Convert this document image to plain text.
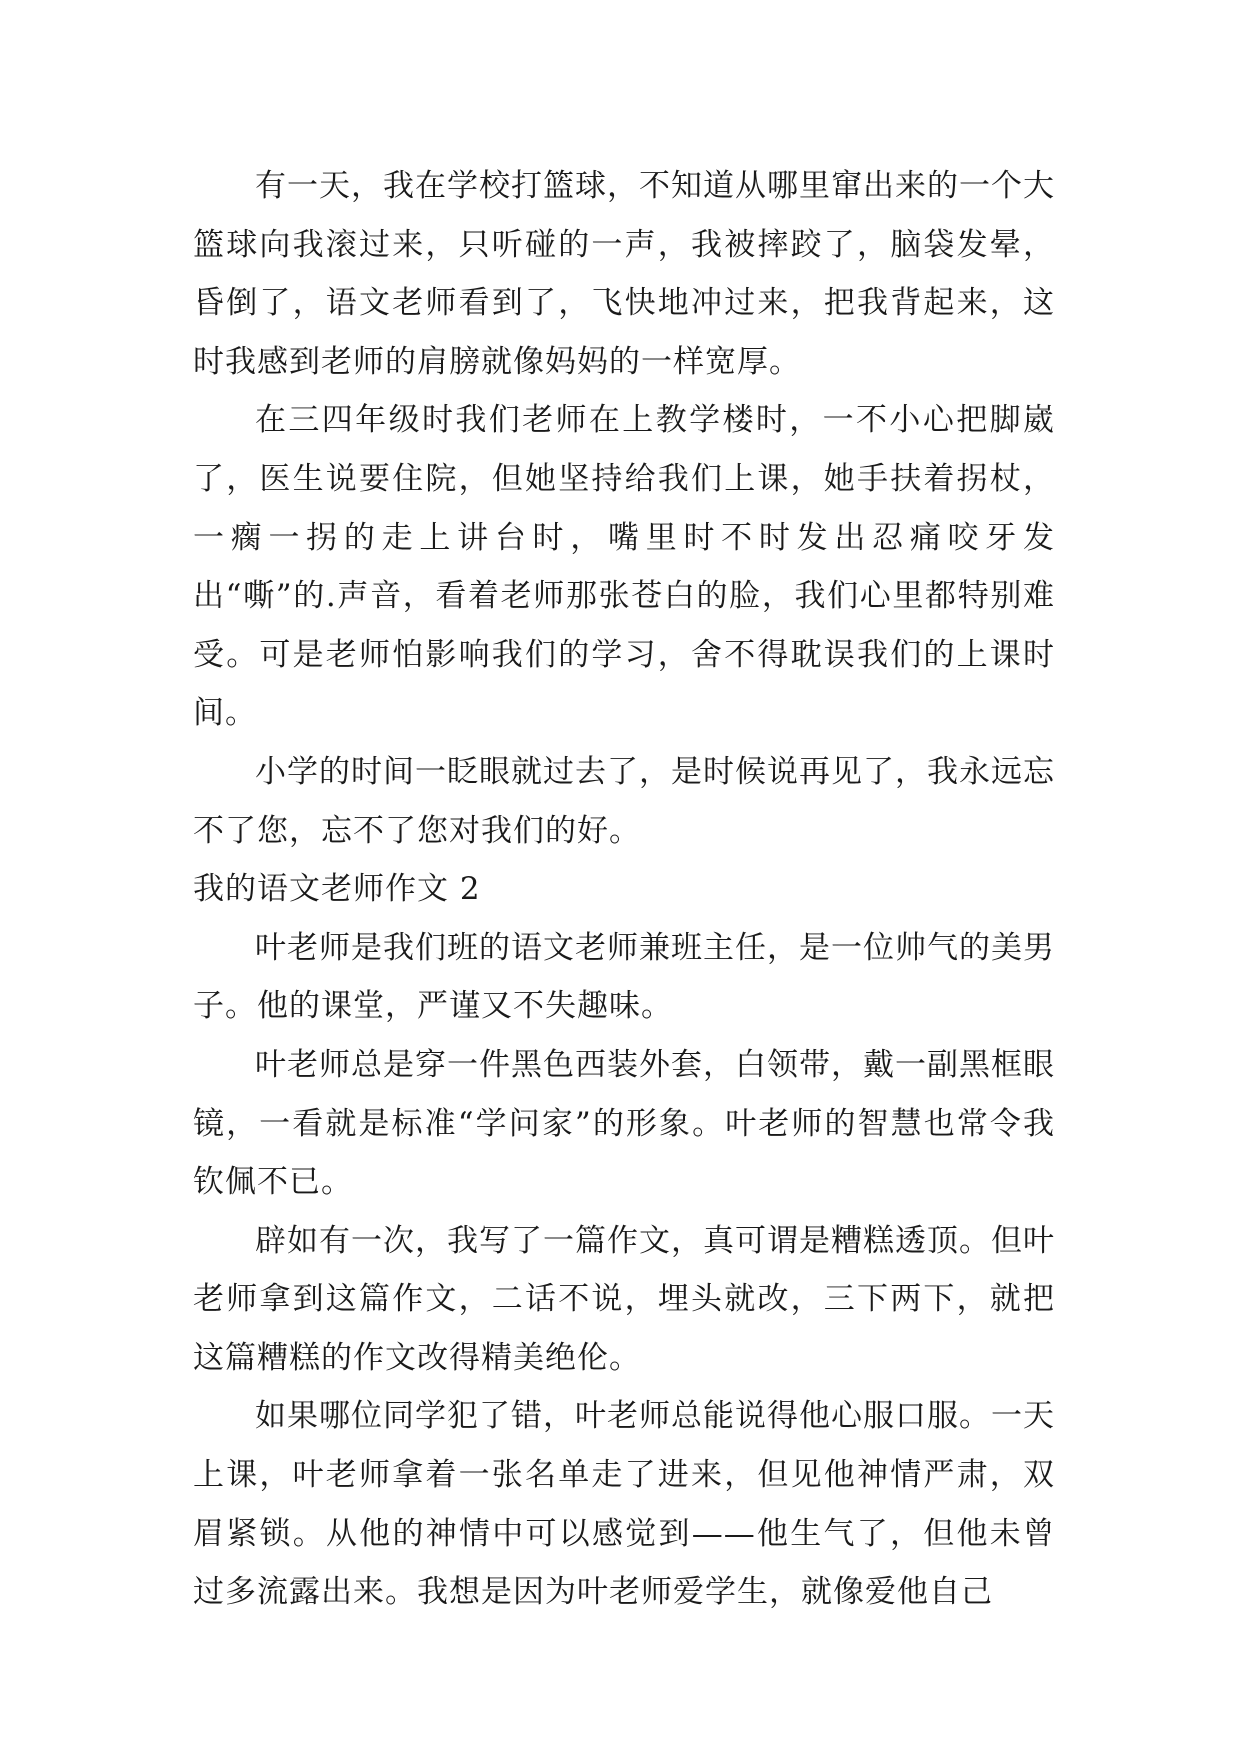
有一天，我在学校打篮球，不知道从哪里窜出来的一个大篮球向我滚过来，只听碰的一声，我被摔跤了，脑袋发晕，昏倒了，语文老师看到了，飞快地冲过来，把我背起来，这时我感到老师的肩膀就像妈妈的一样宽厚。

在三四年级时我们老师在上教学楼时，一不小心把脚崴了，医生说要住院，但她坚持给我们上课，她手扶着拐杖，一瘸一拐的走上讲台时，嘴里时不时发出忍痛咬牙发出“嘶”的.声音，看着老师那张苍白的脸，我们心里都特别难受。可是老师怕影响我们的学习，舍不得耽误我们的上课时间。

小学的时间一眨眼就过去了，是时候说再见了，我永远忘不了您，忘不了您对我们的好。

我的语文老师作文 2

叶老师是我们班的语文老师兼班主任，是一位帅气的美男子。他的课堂，严谨又不失趣味。

叶老师总是穿一件黑色西装外套，白领带，戴一副黑框眼镜，一看就是标准“学问家”的形象。叶老师的智慧也常令我钦佩不已。

辟如有一次，我写了一篇作文，真可谓是糟糕透顶。但叶老师拿到这篇作文，二话不说，埋头就改，三下两下，就把这篇糟糕的作文改得精美绝伦。

如果哪位同学犯了错，叶老师总能说得他心服口服。一天上课，叶老师拿着一张名单走了进来，但见他神情严肃，双眉紧锁。从他的神情中可以感觉到——他生气了，但他未曾过多流露出来。我想是因为叶老师爱学生，就像爱他自己
